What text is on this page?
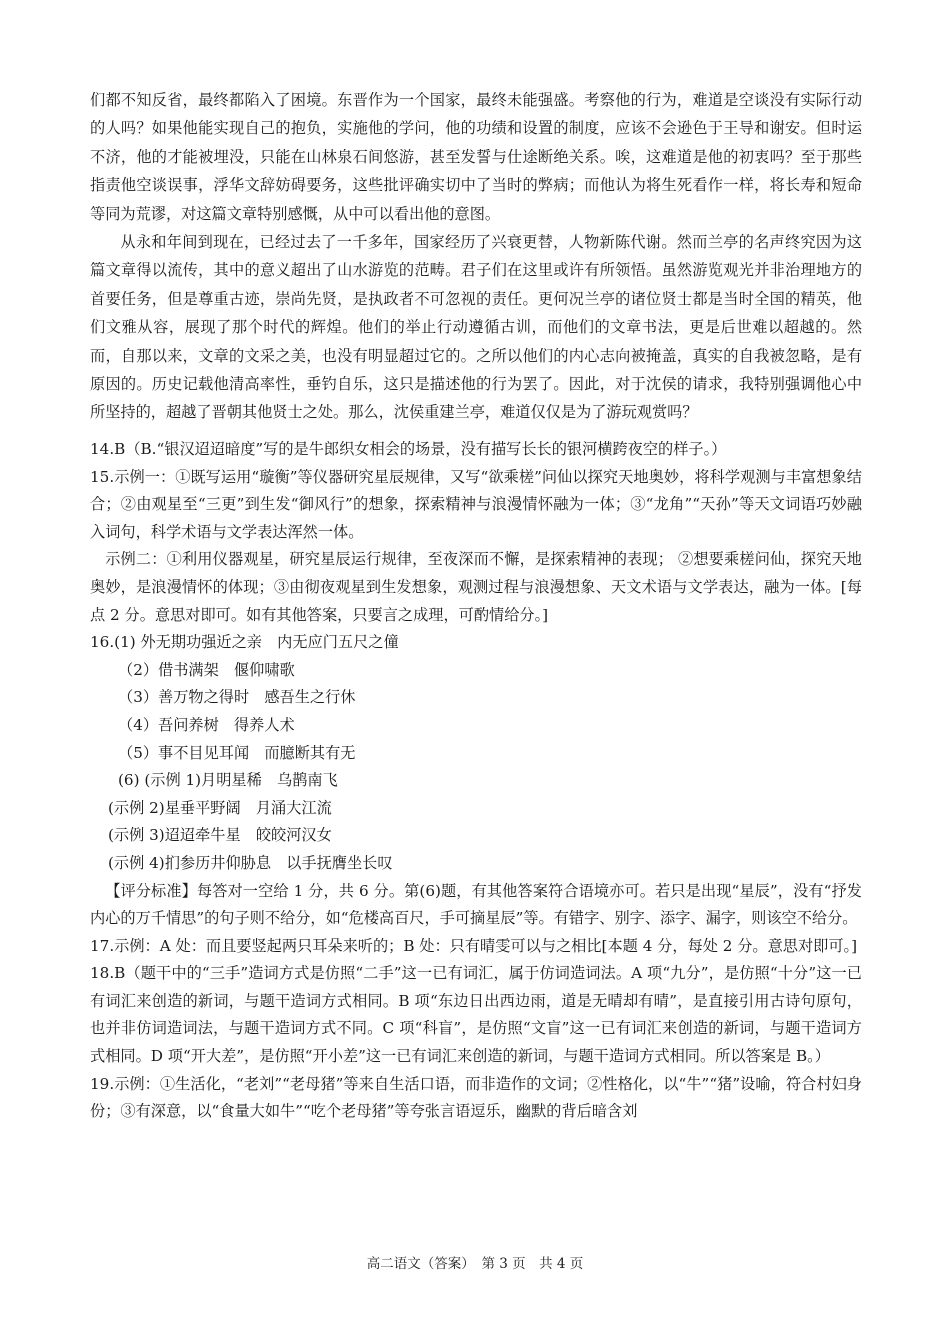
们都不知反省，最终都陷入了困境。东晋作为一个国家，最终未能强盛。考察他的行为，难道是空谈没有实际行动的人吗？如果他能实现自己的抱负，实施他的学问，他的功绩和设置的制度，应该不会逊色于王导和谢安。但时运不济，他的才能被埋没，只能在山林泉石间悠游，甚至发誓与仕途断绝关系。唉，这难道是他的初衷吗？至于那些指责他空谈误事，浮华文辞妨碍要务，这些批评确实切中了当时的弊病；而他认为将生死看作一样，将长寿和短命等同为荒谬，对这篇文章特别感慨，从中可以看出他的意图。

从永和年间到现在，已经过去了一千多年，国家经历了兴衰更替，人物新陈代谢。然而兰亭的名声终究因为这篇文章得以流传，其中的意义超出了山水游览的范畴。君子们在这里或许有所领悟。虽然游览观光并非治理地方的首要任务，但是尊重古迹，崇尚先贤，是执政者不可忽视的责任。更何况兰亭的诸位贤士都是当时全国的精英，他们文雅从容，展现了那个时代的辉煌。他们的举止行动遵循古训，而他们的文章书法，更是后世难以超越的。然而，自那以来，文章的文采之美，也没有明显超过它的。之所以他们的内心志向被掩盖，真实的自我被忽略，是有原因的。历史记载他清高率性，垂钓自乐，这只是描述他的行为罢了。因此，对于沈侯的请求，我特别强调他心中所坚持的，超越了晋朝其他贤士之处。那么，沈侯重建兰亭，难道仅仅是为了游玩观赏吗？

14.B（B.“银汉迢迢暗度”写的是牛郎织女相会的场景，没有描写长长的银河横跨夜空的样子。）

15.示例一：①既写运用“璇衡”等仪器研究星辰规律，又写“欲乘槎”问仙以探究天地奥妙，将科学观测与丰富想象结合；②由观星至“三更”到生发“御风行”的想象，探索精神与浪漫情怀融为一体；③“龙角”“天孙”等天文词语巧妙融入词句，科学术语与文学表达浑然一体。

示例二：①利用仪器观星，研究星辰运行规律，至夜深而不懈，是探索精神的表现； ②想要乘槎问仙，探究天地奥妙，是浪漫情怀的体现；③由彻夜观星到生发想象，观测过程与浪漫想象、天文术语与文学表达，融为一体。[每点 2 分。意思对即可。如有其他答案，只要言之成理，可酌情给分。]

16.(1) 外无期功强近之亲　内无应门五尺之僮

（2）借书满架　偃仰啸歌

（3）善万物之得时　感吾生之行休

（4）吾问养树　得养人术

（5）事不目见耳闻　而臆断其有无

(6) (示例 1)月明星稀　乌鹊南飞

(示例 2)星垂平野阔　月涌大江流

(示例 3)迢迢牵牛星　皎皎河汉女

(示例 4)扪参历井仰胁息　以手抚膺坐长叹

【评分标准】每答对一空给 1 分，共 6 分。第(6)题，有其他答案符合语境亦可。若只是出现“星辰”，没有“抒发内心的万千情思”的句子则不给分，如“危楼高百尺，手可摘星辰”等。有错字、别字、添字、漏字，则该空不给分。

17.示例：A 处：而且要竖起两只耳朵来听的；B 处：只有晴雯可以与之相比[本题 4 分，每处 2 分。意思对即可。]

18.B（题干中的“三手”造词方式是仿照“二手”这一已有词汇，属于仿词造词法。A 项“九分”，是仿照“十分”这一已有词汇来创造的新词，与题干造词方式相同。B 项“东边日出西边雨，道是无晴却有晴”，是直接引用古诗句原句，也并非仿词造词法，与题干造词方式不同。C 项“科盲”，是仿照“文盲”这一已有词汇来创造的新词，与题干造词方式相同。D 项“开大差”，是仿照“开小差”这一已有词汇来创造的新词，与题干造词方式相同。所以答案是 B。）

19.示例：①生活化，“老刘”“老母猪”等来自生活口语，而非造作的文词；②性格化，以“牛”“猪”设喻，符合村妇身份；③有深意，以“食量大如牛”“吃个老母猪”等夸张言语逗乐，幽默的背后暗含刘

高二语文（答案）　第 3 页　共 4 页
